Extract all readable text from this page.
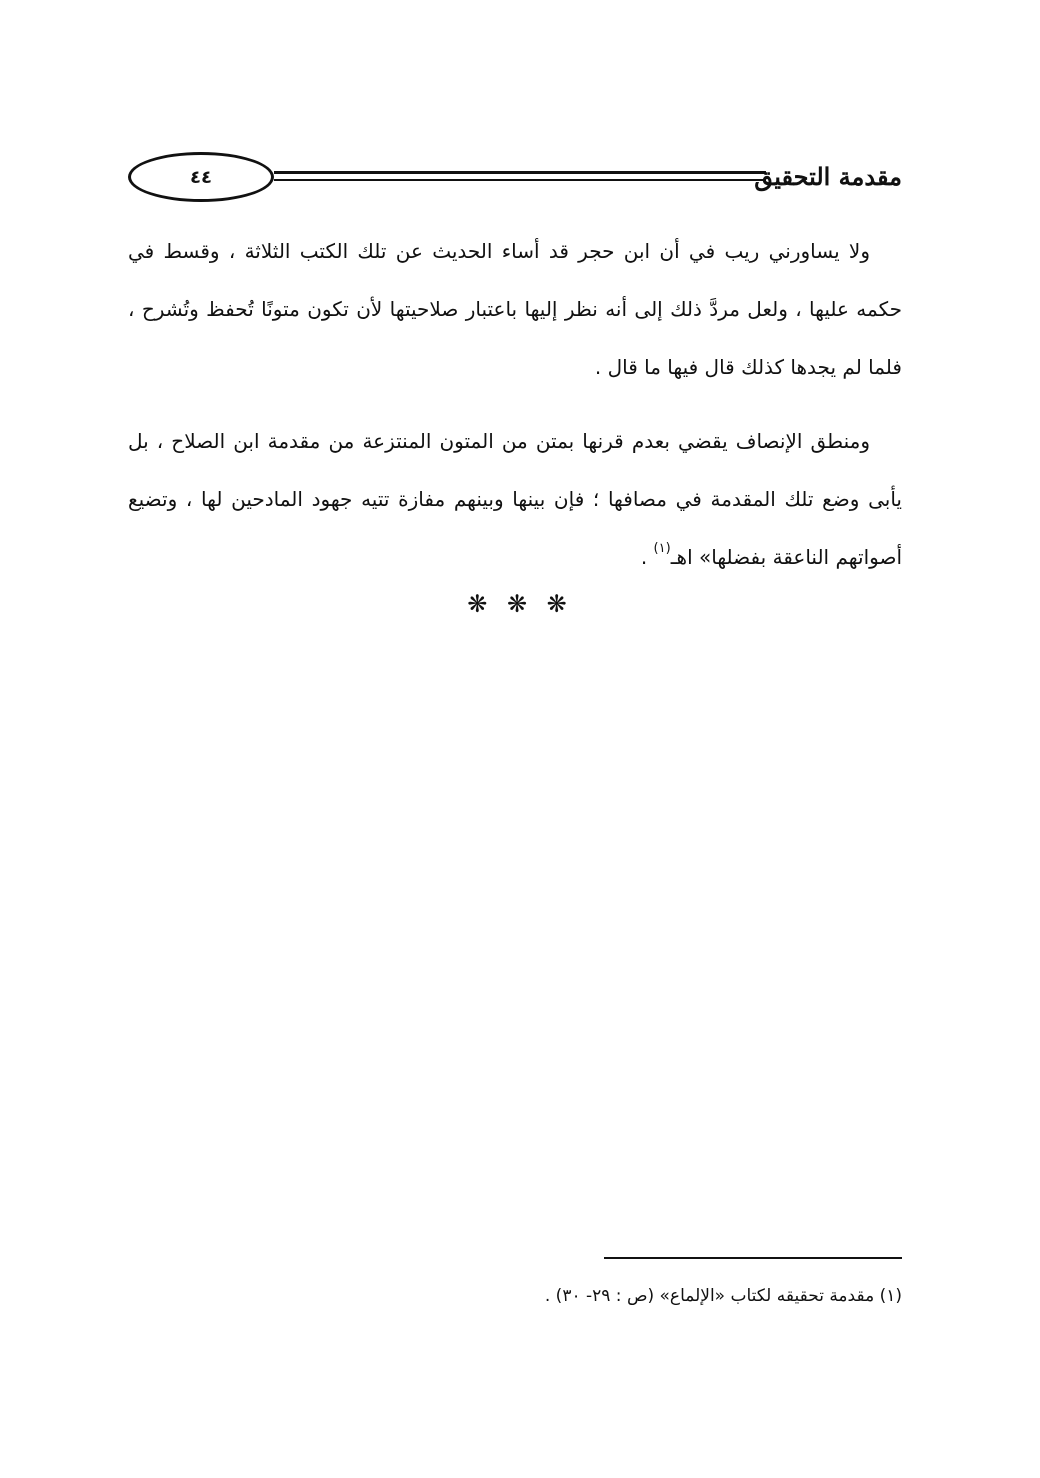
٤٤	مقدمة التحقيق

ولا يساورني ريب في أن ابن حجر قد أساء الحديث عن تلك الكتب الثلاثة ، وقسط في حكمه عليها ، ولعل مردَّ ذلك إلى أنه نظر إليها باعتبار صلاحيتها لأن تكون متونًا تُحفظ وتُشرح ، فلما لم يجدها كذلك قال فيها ما قال .

ومنطق الإنصاف يقضي بعدم قرنها بمتن من المتون المنتزعة من مقدمة ابن الصلاح ، بل يأبى وضع تلك المقدمة في مصافها ؛ فإن بينها وبينهم مفازة تتيه جهود المادحين لها ، وتضيع أصواتهم الناعقة بفضلها» اهـ$^{(١)}$ .

❋ ❋ ❋
(١) مقدمة تحقيقه لكتاب «الإلماع» (ص : ٢٩- ٣٠) .
